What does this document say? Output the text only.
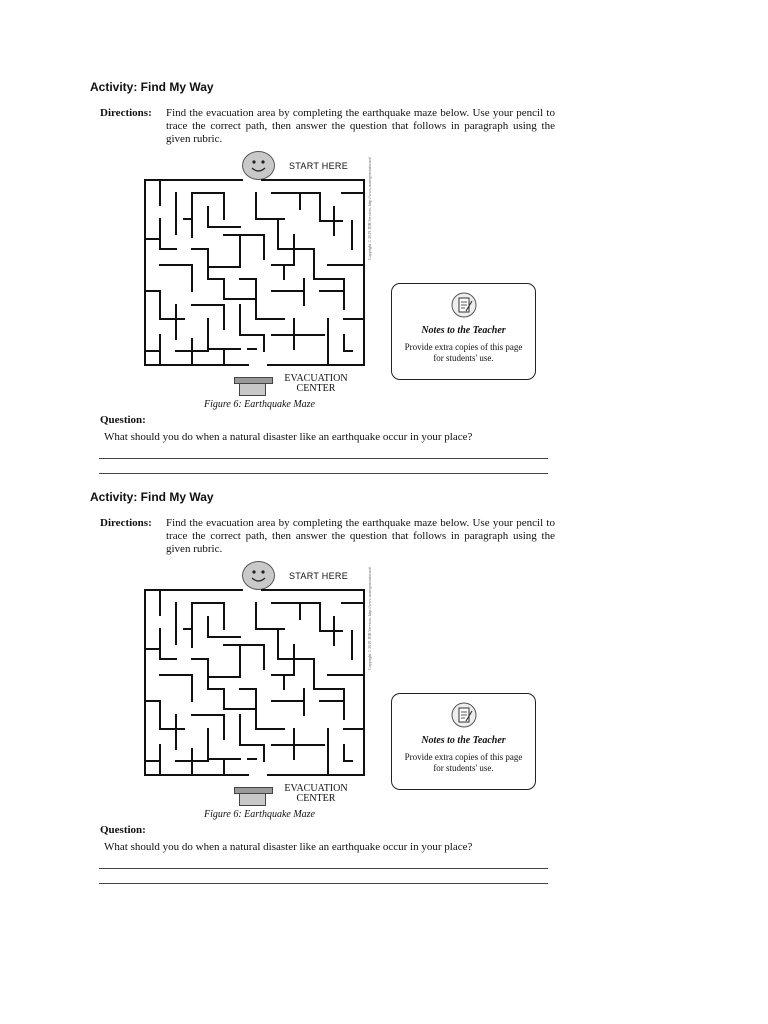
Activity: Find My Way
Directions: Find the evacuation area by completing the earthquake maze below. Use your pencil to trace the correct path, then answer the question that follows in paragraph using the given rubric.
START HERE	Copyright © 2019 JDB Services, http://www.mazegenerator.net/
EVACUATION CENTER
Figure 6: Earthquake Maze
Notes to the Teacher
Provide extra copies of this page for students' use.
Question:
What should you do when a natural disaster like an earthquake occur in your place?
Activity: Find My Way
Directions: Find the evacuation area by completing the earthquake maze below. Use your pencil to trace the correct path, then answer the question that follows in paragraph using the given rubric.
START HERE	Copyright © 2019 JDB Services, http://www.mazegenerator.net/
EVACUATION CENTER
Figure 6: Earthquake Maze
Notes to the Teacher
Provide extra copies of this page for students' use.
Question:
What should you do when a natural disaster like an earthquake occur in your place?
